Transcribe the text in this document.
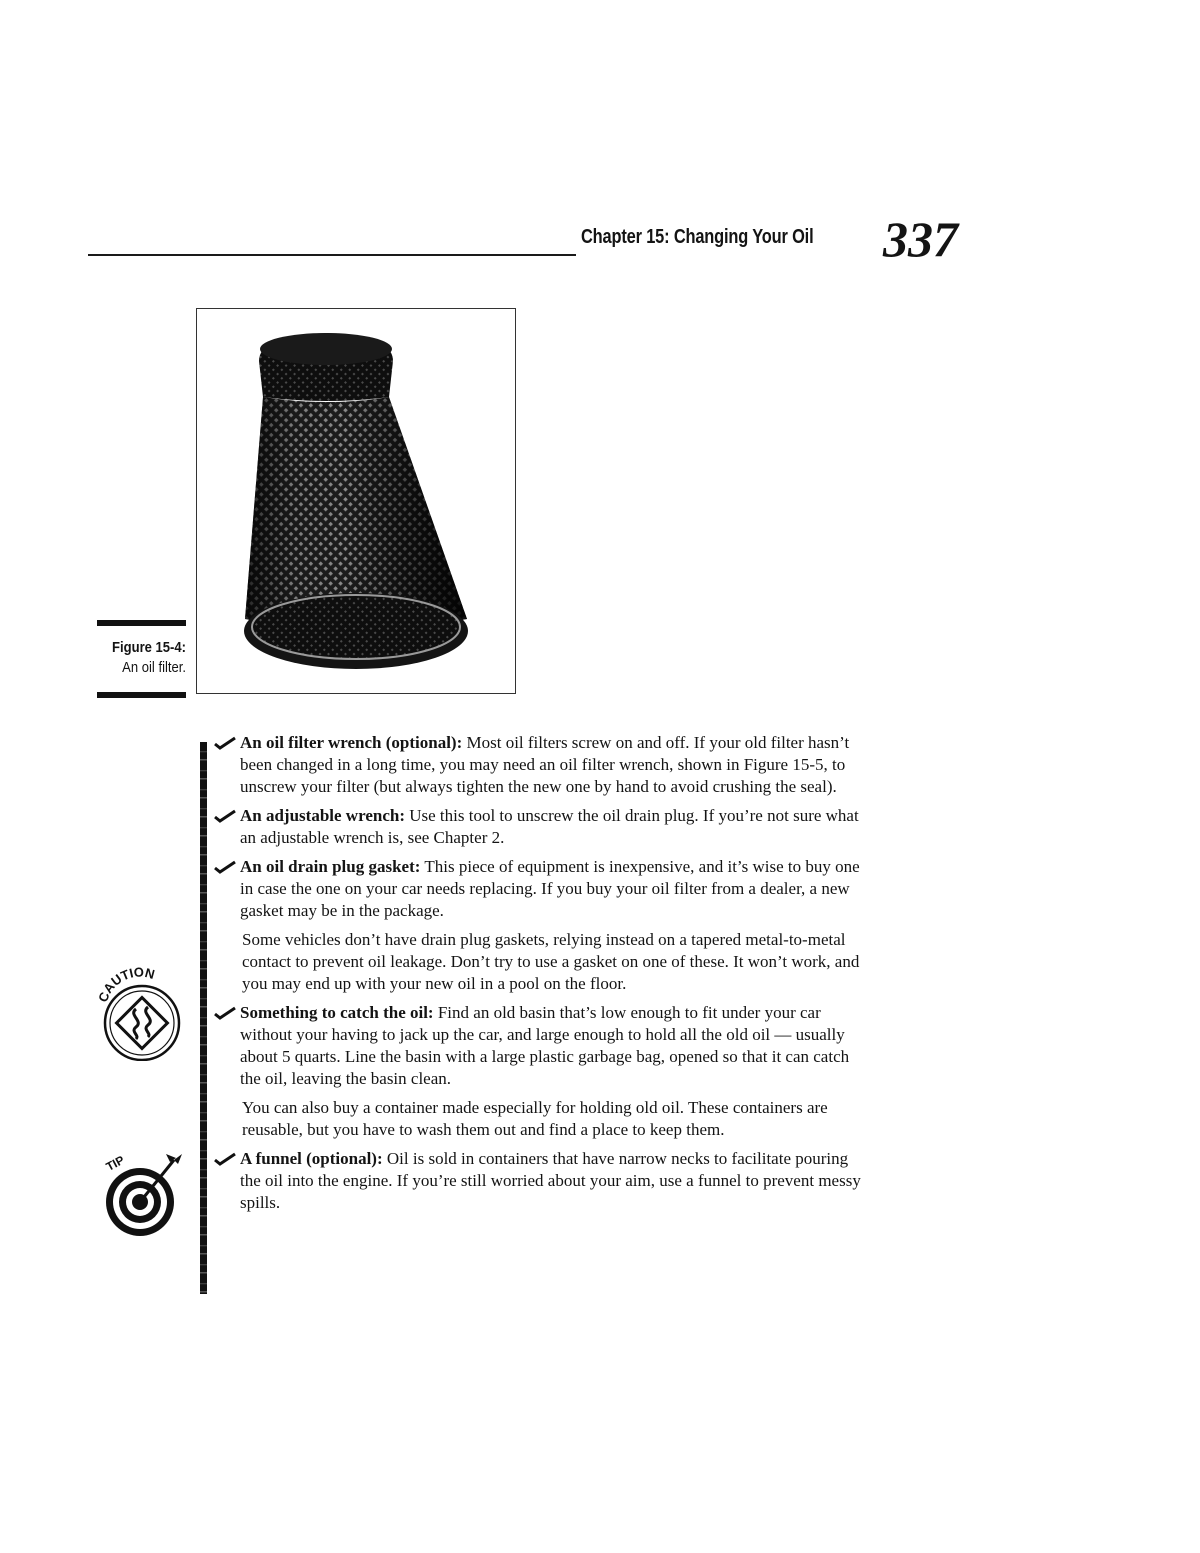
Chapter 15: Changing Your Oil 337
Figure 15-4:
An oil filter.
CAUTION
TIP
An oil filter wrench (optional): Most oil filters screw on and off. If your old filter hasn’t been changed in a long time, you may need an oil filter wrench, shown in Figure 15-5, to unscrew your filter (but always tighten the new one by hand to avoid crushing the seal).
An adjustable wrench: Use this tool to unscrew the oil drain plug. If you’re not sure what an adjustable wrench is, see Chapter 2.
An oil drain plug gasket: This piece of equipment is inexpensive, and it’s wise to buy one in case the one on your car needs replacing. If you buy your oil filter from a dealer, a new gasket may be in the package.
Some vehicles don’t have drain plug gaskets, relying instead on a tapered metal-to-metal contact to prevent oil leakage. Don’t try to use a gasket on one of these. It won’t work, and you may end up with your new oil in a pool on the floor.
Something to catch the oil: Find an old basin that’s low enough to fit under your car without your having to jack up the car, and large enough to hold all the old oil — usually about 5 quarts. Line the basin with a large plastic garbage bag, opened so that it can catch the oil, leaving the basin clean.
You can also buy a container made especially for holding old oil. These containers are reusable, but you have to wash them out and find a place to keep them.
A funnel (optional): Oil is sold in containers that have narrow necks to facilitate pouring the oil into the engine. If you’re still worried about your aim, use a funnel to prevent messy spills.
